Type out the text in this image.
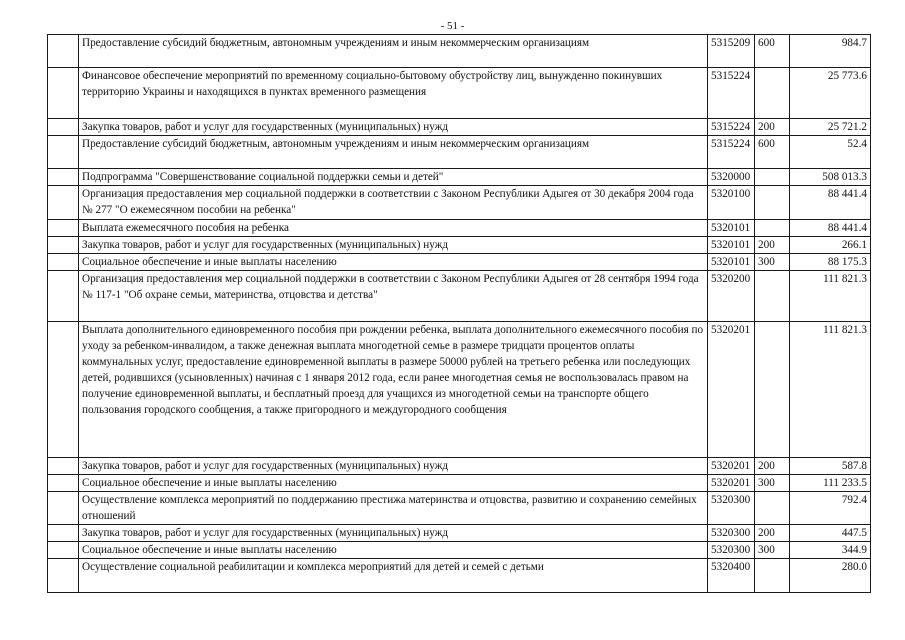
- 51 -
	Предоставление субсидий бюджетным, автономным учреждениям и иным некоммерческим организациям	5315209	600	984.7
	Финансовое обеспечение мероприятий по временному социально-бытовому обустройству лиц, вынужденно покинувших территорию Украины и находящихся в пунктах временного размещения	5315224		25 773.6
	Закупка товаров, работ и услуг для государственных (муниципальных) нужд	5315224	200	25 721.2
	Предоставление субсидий бюджетным, автономным учреждениям и иным некоммерческим организациям	5315224	600	52.4
	Подпрограмма "Совершенствование социальной поддержки семьи и детей"	5320000		508 013.3
	Организация предоставления мер социальной поддержки в соответствии с Законом Республики Адыгея от 30 декабря 2004 года № 277 "О ежемесячном пособии на ребенка"	5320100		88 441.4
	Выплата ежемесячного пособия на ребенка	5320101		88 441.4
	Закупка товаров, работ и услуг для государственных (муниципальных) нужд	5320101	200	266.1
	Социальное обеспечение и иные выплаты населению	5320101	300	88 175.3
	Организация предоставления мер социальной поддержки в соответствии с Законом Республики Адыгея от 28 сентября 1994 года № 117-1 "Об охране семьи, материнства, отцовства и детства"	5320200		111 821.3
	Выплата дополнительного единовременного пособия при рождении ребенка, выплата дополнительного ежемесячного пособия по уходу за ребенком-инвалидом, а также денежная выплата многодетной семье в размере тридцати процентов оплаты коммунальных услуг, предоставление единовременной выплаты в размере 50000 рублей на третьего ребенка или последующих детей, родившихся (усыновленных) начиная с 1 января 2012 года, если ранее многодетная семья не воспользовалась правом на получение единовременной выплаты, и бесплатный проезд для учащихся из многодетной семьи на транспорте общего пользования городского сообщения, а также пригородного и междугородного сообщения	5320201		111 821.3
	Закупка товаров, работ и услуг для государственных (муниципальных) нужд	5320201	200	587.8
	Социальное обеспечение и иные выплаты населению	5320201	300	111 233.5
	Осуществление комплекса мероприятий по поддержанию престижа материнства и отцовства, развитию и сохранению семейных отношений	5320300		792.4
	Закупка товаров, работ и услуг для государственных (муниципальных) нужд	5320300	200	447.5
	Социальное обеспечение и иные выплаты населению	5320300	300	344.9
	Осуществление социальной реабилитации и комплекса мероприятий для детей и семей с детьми	5320400		280.0
